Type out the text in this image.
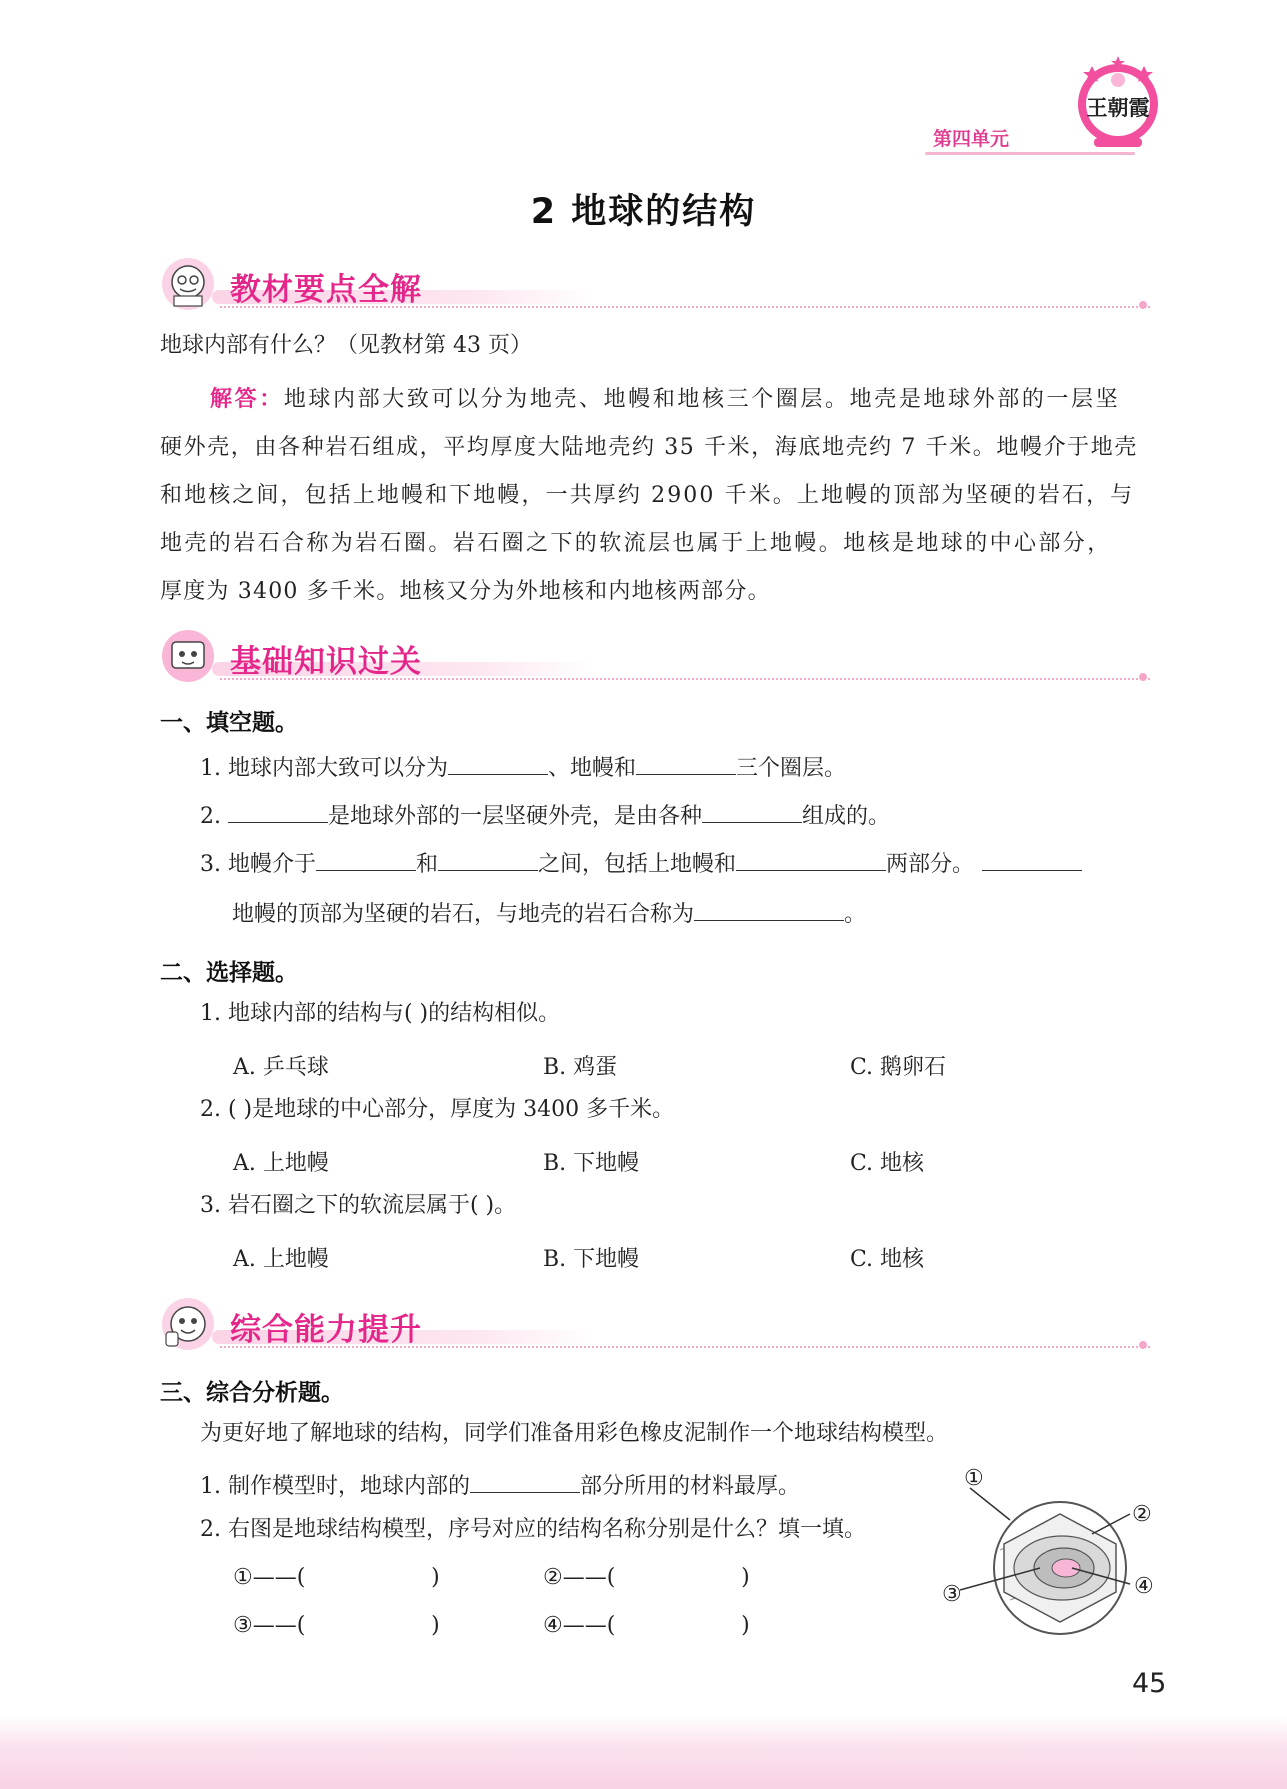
王朝霞
第四单元
2 地球的结构
教材要点全解
地球内部有什么？（见教材第 43 页）
解答：地球内部大致可以分为地壳、地幔和地核三个圈层。地壳是地球外部的一层坚
硬外壳，由各种岩石组成，平均厚度大陆地壳约 35 千米，海底地壳约 7 千米。地幔介于地壳
和地核之间，包括上地幔和下地幔，一共厚约 2900 千米。上地幔的顶部为坚硬的岩石，与
地壳的岩石合称为岩石圈。岩石圈之下的软流层也属于上地幔。地核是地球的中心部分，
厚度为 3400 多千米。地核又分为外地核和内地核两部分。
基础知识过关
一、填空题。
1. 地球内部大致可以分为	、地幔和	三个圈层。
2.	是地球外部的一层坚硬外壳，是由各种	组成的。
3. 地幔介于	和	之间，包括上地幔和	两部分。
地幔的顶部为坚硬的岩石，与地壳的岩石合称为	。
二、选择题。
1. 地球内部的结构与( )的结构相似。
A. 乒乓球	B. 鸡蛋	C. 鹅卵石
2. ( )是地球的中心部分，厚度为 3400 多千米。
A. 上地幔	B. 下地幔	C. 地核
3. 岩石圈之下的软流层属于( )。
A. 上地幔	B. 下地幔	C. 地核
综合能力提升
三、综合分析题。
为更好地了解地球的结构，同学们准备用彩色橡皮泥制作一个地球结构模型。
1. 制作模型时，地球内部的	部分所用的材料最厚。
2. 右图是地球结构模型，序号对应的结构名称分别是什么？填一填。
①——(                  )	②——(                  )
③——(                  )	④——(                  )
①
②
③	④
45
